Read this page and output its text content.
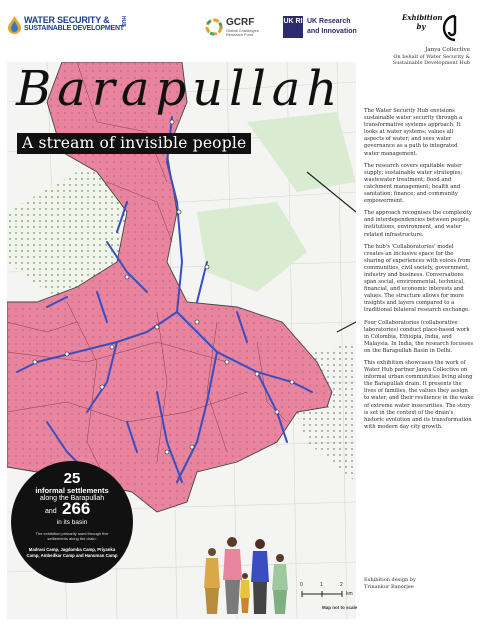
WATER SECURITY &
SUSTAINABLE DEVELOPMENT
HUB	GCRF
Global Challenges Research Fund
UK RI UK Research
and Innovation
Exhibition by
Janya Collective
On behalf of Water Security &
Sustainable Development Hub
Barapullah
A stream of invisible people
25
informal settlements
along the Barapullah
and 266
in its basin
The exhibition primarily used through five settlements along the drain:
Madrasi Camp, Jagdamba Camp, Priyanka Camp, Ambedkar Camp and Hanuman Camp
0	1	2
km
Map not to scale

The Water Security Hub envisions sustainable water security through a transformative systems approach. It looks at water systems; values all aspects of water; and sees water governance as a path to integrated water management.

The research covers equitable water supply; sustainable water strategies; wastewater treatment; flood and catchment management; health and sanitation; finance; and community empowerment.

The approach recognises the complexity and interdependencies between people, institutions, environment, and water related infrastructure.

The hub's 'Collaboratories' model creates an inclusive space for the sharing of experiences with voices from communities, civil society, government, industry and business. Conversations span social, environmental, technical, financial, and economic interests and values. The structure allows for more insights and layers compared to a traditional bilateral research exchange.

Four Collaboratories (collaborative laboratories) conduct place-based work in Colombia, Ethiopia, India, and Malaysia. In India, the research focusses on the Barapullah Basin in Delhi.

This exhibition showcases the work of Water Hub partner Janya Collective on informal urban communities living along the Barapullah drain. It presents the lives of families, the values they assign to water, and their resilience in the wake of extreme water insecurities. The story is set in the context of the drain's historic evolution and its transformation with modern day city growth.

Exhibition design by
Trinankur Banerjee
